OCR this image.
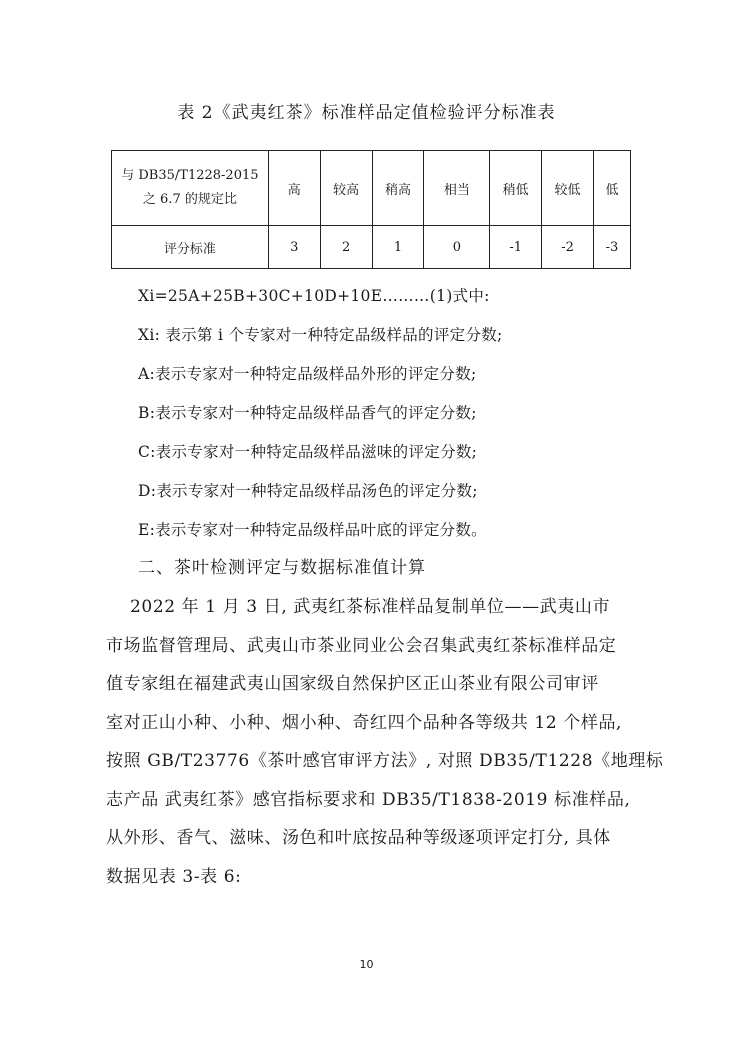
表 2《武夷红茶》标准样品定值检验评分标准表
与 DB35/T1228-2015
之 6.7 的规定比	高	较高	稍高	相当	稍低	较低	低
评分标准	3	2	1	0	-1	-2	-3
Xi=25A+25B+30C+10D+10E………(1)式中:
Xi: 表示第 i 个专家对一种特定品级样品的评定分数;
A:表示专家对一种特定品级样品外形的评定分数;
B:表示专家对一种特定品级样品香气的评定分数;
C:表示专家对一种特定品级样品滋味的评定分数;
D:表示专家对一种特定品级样品汤色的评定分数;
E:表示专家对一种特定品级样品叶底的评定分数。
二、茶叶检测评定与数据标准值计算
2022 年 1 月 3 日, 武夷红茶标准样品复制单位——武夷山市
市场监督管理局、武夷山市茶业同业公会召集武夷红茶标准样品定
值专家组在福建武夷山国家级自然保护区正山茶业有限公司审评
室对正山小种、小种、烟小种、奇红四个品种各等级共 12 个样品,
按照 GB/T23776《茶叶感官审评方法》, 对照 DB35/T1228《地理标
志产品 武夷红茶》感官指标要求和 DB35/T1838-2019 标准样品,
从外形、香气、滋味、汤色和叶底按品种等级逐项评定打分, 具体
数据见表 3-表 6:
10
